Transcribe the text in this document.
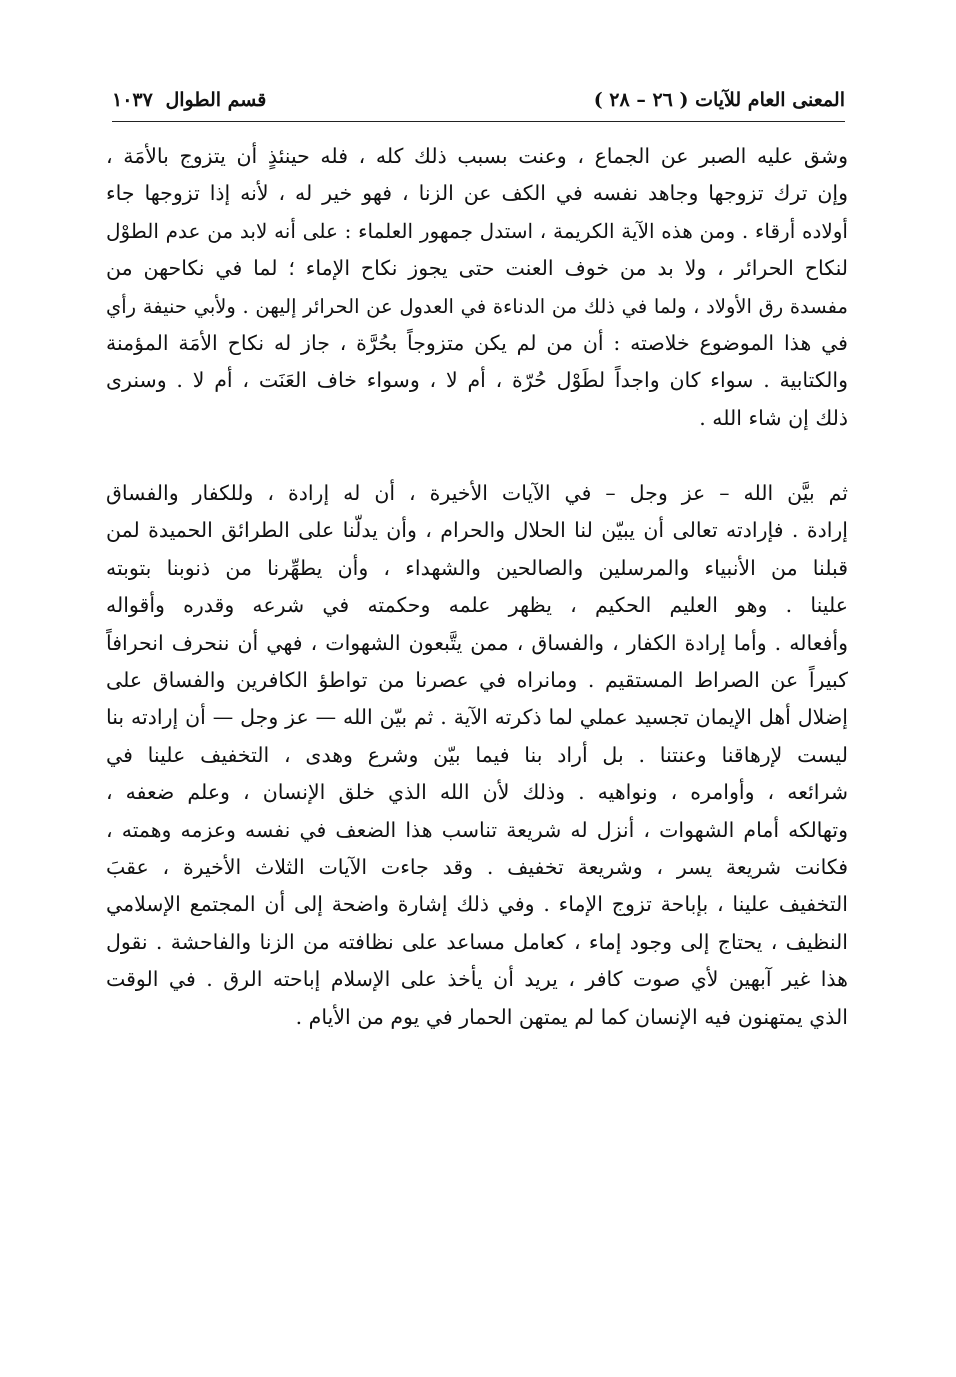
المعنى العام للآيات ( ٢٦ – ٢٨ )
قسم الطوال ١٠٣٧
وشق عليه الصبر عن الجماع ، وعنت بسبب ذلك كله ، فله حينئذٍ أن يتزوج بالأمَة ،
وإن ترك تزوجها وجاهد نفسه في الكف عن الزنا ، فهو خير له ، لأنه إذا تزوجها جاء
أولاده أرقاء . ومن هذه الآية الكريمة ، استدل جمهور العلماء : على أنه لابد من عدم الطوْل
لنكاح الحرائر ، ولا بد من خوف العنت حتى يجوز نكاح الإماء ؛ لما في نكاحهن من
مفسدة رق الأولاد ، ولما في ذلك من الدناءة في العدول عن الحرائر إليهن . ولأبي حنيفة رأي
في هذا الموضوع خلاصته : أن من لم يكن متزوجاً بحُرَّة ، جاز له نكاح الأمَة المؤمنة
والكتابية . سواء كان واجداً لطَوْل حُرّة ، أم لا ، وسواء خاف العَنَت ، أم لا . وسنرى
ذلك إن شاء الله .
ثم بيَّن الله – عز وجل – في الآيات الأخيرة ، أن له إرادة ، وللكفار والفساق
إرادة . فإرادته تعالى أن يبيّن لنا الحلال والحرام ، وأن يدلّنا على الطرائق الحميدة لمن
قبلنا من الأنبياء والمرسلين والصالحين والشهداء ، وأن يطهِّرنا من ذنوبنا بتوبته
علينا . وهو العليم الحكيم ، يظهر علمه وحكمته في شرعه وقدره وأقواله
وأفعاله . وأما إرادة الكفار ، والفساق ، ممن يتَّبعون الشهوات ، فهي أن ننحرف انحرافاً
كبيراً عن الصراط المستقيم . ومانراه في عصرنا من تواطؤ الكافرين والفساق على
إضلال أهل الإيمان تجسيد عملي لما ذكرته الآية . ثم بيّن الله — عز وجل — أن إرادته بنا
ليست لإرهاقنا وعنتنا . بل أراد بنا فيما بيّن وشرع وهدى ، التخفيف علينا في
شرائعه ، وأوامره ، ونواهيه . وذلك لأن الله الذي خلق الإنسان ، وعلم ضعفه ،
وتهالكه أمام الشهوات ، أنزل له شريعة تناسب هذا الضعف في نفسه وعزمه وهمته ،
فكانت شريعة يسر ، وشريعة تخفيف . وقد جاءت الآيات الثلاث الأخيرة ، عقبَ
التخفيف علينا ، بإباحة تزوج الإماء . وفي ذلك إشارة واضحة إلى أن المجتمع الإسلامي
النظيف ، يحتاج إلى وجود إماء ، كعامل مساعد على نظافته من الزنا والفاحشة . نقول
هذا غير آبهين لأي صوت كافر ، يريد أن يأخذ على الإسلام إباحته الرق . في الوقت
الذي يمتهنون فيه الإنسان كما لم يمتهن الحمار في يوم من الأيام .
